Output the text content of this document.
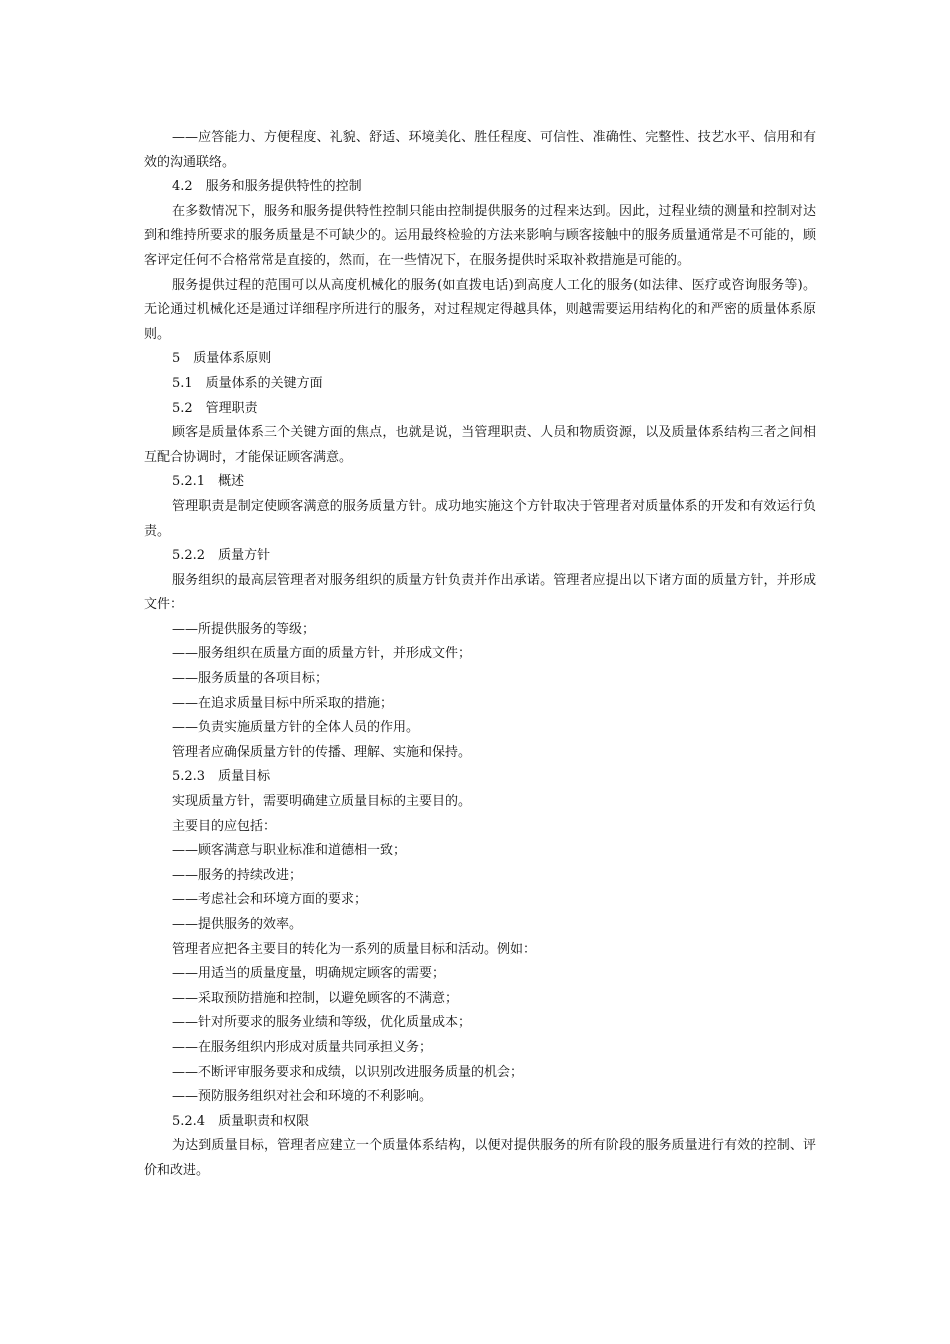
——应答能力、方便程度、礼貌、舒适、环境美化、胜任程度、可信性、准确性、完整性、技艺水平、信用和有效的沟通联络。

4.2　服务和服务提供特性的控制

在多数情况下，服务和服务提供特性控制只能由控制提供服务的过程来达到。因此，过程业绩的测量和控制对达到和维持所要求的服务质量是不可缺少的。运用最终检验的方法来影响与顾客接触中的服务质量通常是不可能的，顾客评定任何不合格常常是直接的，然而，在一些情况下，在服务提供时采取补救措施是可能的。

服务提供过程的范围可以从高度机械化的服务(如直拨电话)到高度人工化的服务(如法律、医疗或咨询服务等)。无论通过机械化还是通过详细程序所进行的服务，对过程规定得越具体，则越需要运用结构化的和严密的质量体系原则。

5　质量体系原则

5.1　质量体系的关键方面

5.2　管理职责

顾客是质量体系三个关键方面的焦点，也就是说，当管理职责、人员和物质资源，以及质量体系结构三者之间相互配合协调时，才能保证顾客满意。

5.2.1　概述

管理职责是制定使顾客满意的服务质量方针。成功地实施这个方针取决于管理者对质量体系的开发和有效运行负责。

5.2.2　质量方针

服务组织的最高层管理者对服务组织的质量方针负责并作出承诺。管理者应提出以下诸方面的质量方针，并形成文件：

——所提供服务的等级；

——服务组织在质量方面的质量方针，并形成文件；

——服务质量的各项目标；

——在追求质量目标中所采取的措施；

——负责实施质量方针的全体人员的作用。

管理者应确保质量方针的传播、理解、实施和保持。

5.2.3　质量目标

实现质量方针，需要明确建立质量目标的主要目的。

主要目的应包括：

——顾客满意与职业标准和道德相一致；

——服务的持续改进；

——考虑社会和环境方面的要求；

——提供服务的效率。

管理者应把各主要目的转化为一系列的质量目标和活动。例如：

——用适当的质量度量，明确规定顾客的需要；

——采取预防措施和控制，以避免顾客的不满意；

——针对所要求的服务业绩和等级，优化质量成本；

——在服务组织内形成对质量共同承担义务；

——不断评审服务要求和成绩，以识别改进服务质量的机会；

——预防服务组织对社会和环境的不利影响。

5.2.4　质量职责和权限

为达到质量目标，管理者应建立一个质量体系结构，以便对提供服务的所有阶段的服务质量进行有效的控制、评价和改进。
